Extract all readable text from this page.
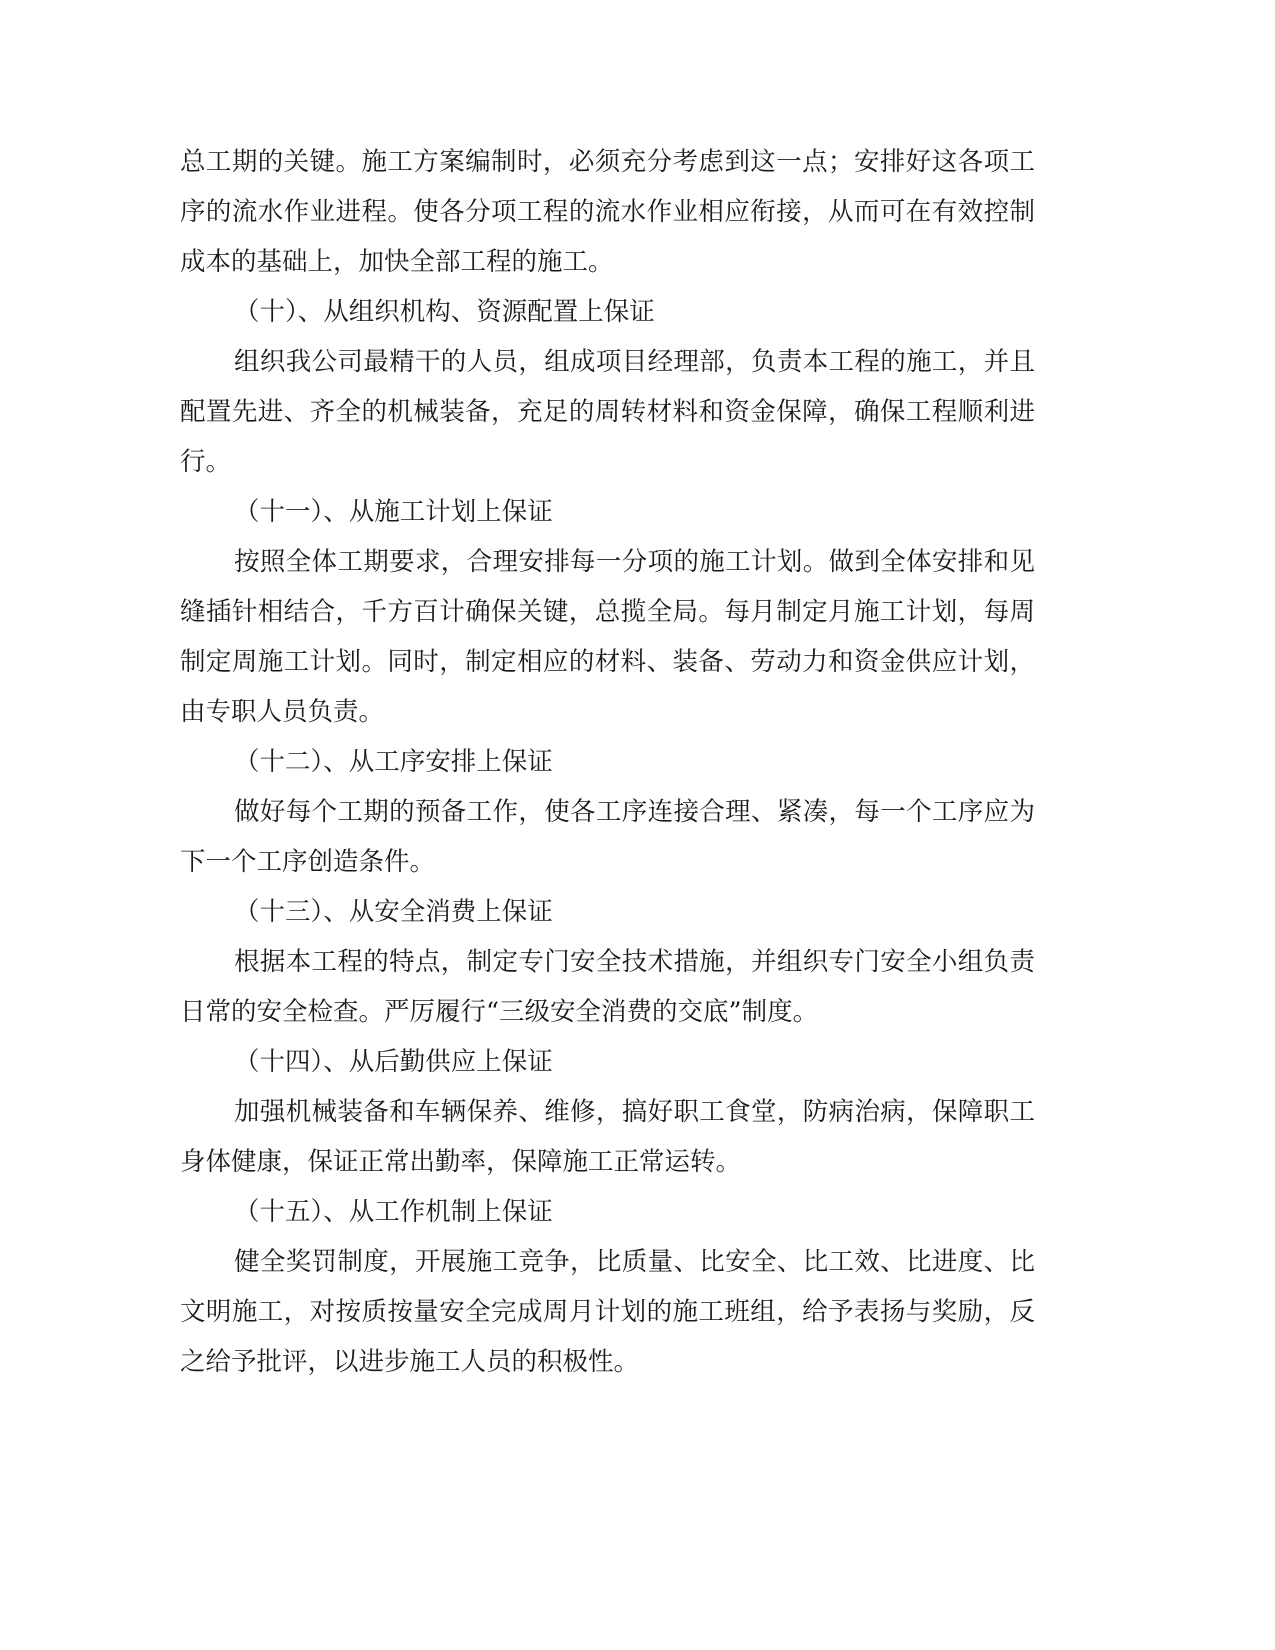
总工期的关键。施工方案编制时，必须充分考虑到这一点；安排好这各项工序的流水作业进程。使各分项工程的流水作业相应衔接，从而可在有效控制成本的基础上，加快全部工程的施工。

（十）、从组织机构、资源配置上保证

组织我公司最精干的人员，组成项目经理部，负责本工程的施工，并且配置先进、齐全的机械装备，充足的周转材料和资金保障，确保工程顺利进行。

（十一）、从施工计划上保证

按照全体工期要求，合理安排每一分项的施工计划。做到全体安排和见缝插针相结合，千方百计确保关键，总揽全局。每月制定月施工计划，每周制定周施工计划。同时，制定相应的材料、装备、劳动力和资金供应计划，由专职人员负责。

（十二）、从工序安排上保证

做好每个工期的预备工作，使各工序连接合理、紧凑，每一个工序应为下一个工序创造条件。

（十三）、从安全消费上保证

根据本工程的特点，制定专门安全技术措施，并组织专门安全小组负责日常的安全检查。严厉履行“三级安全消费的交底”制度。

（十四）、从后勤供应上保证

加强机械装备和车辆保养、维修，搞好职工食堂，防病治病，保障职工身体健康，保证正常出勤率，保障施工正常运转。

（十五）、从工作机制上保证

健全奖罚制度，开展施工竞争，比质量、比安全、比工效、比进度、比文明施工，对按质按量安全完成周月计划的施工班组，给予表扬与奖励，反之给予批评，以进步施工人员的积极性。
